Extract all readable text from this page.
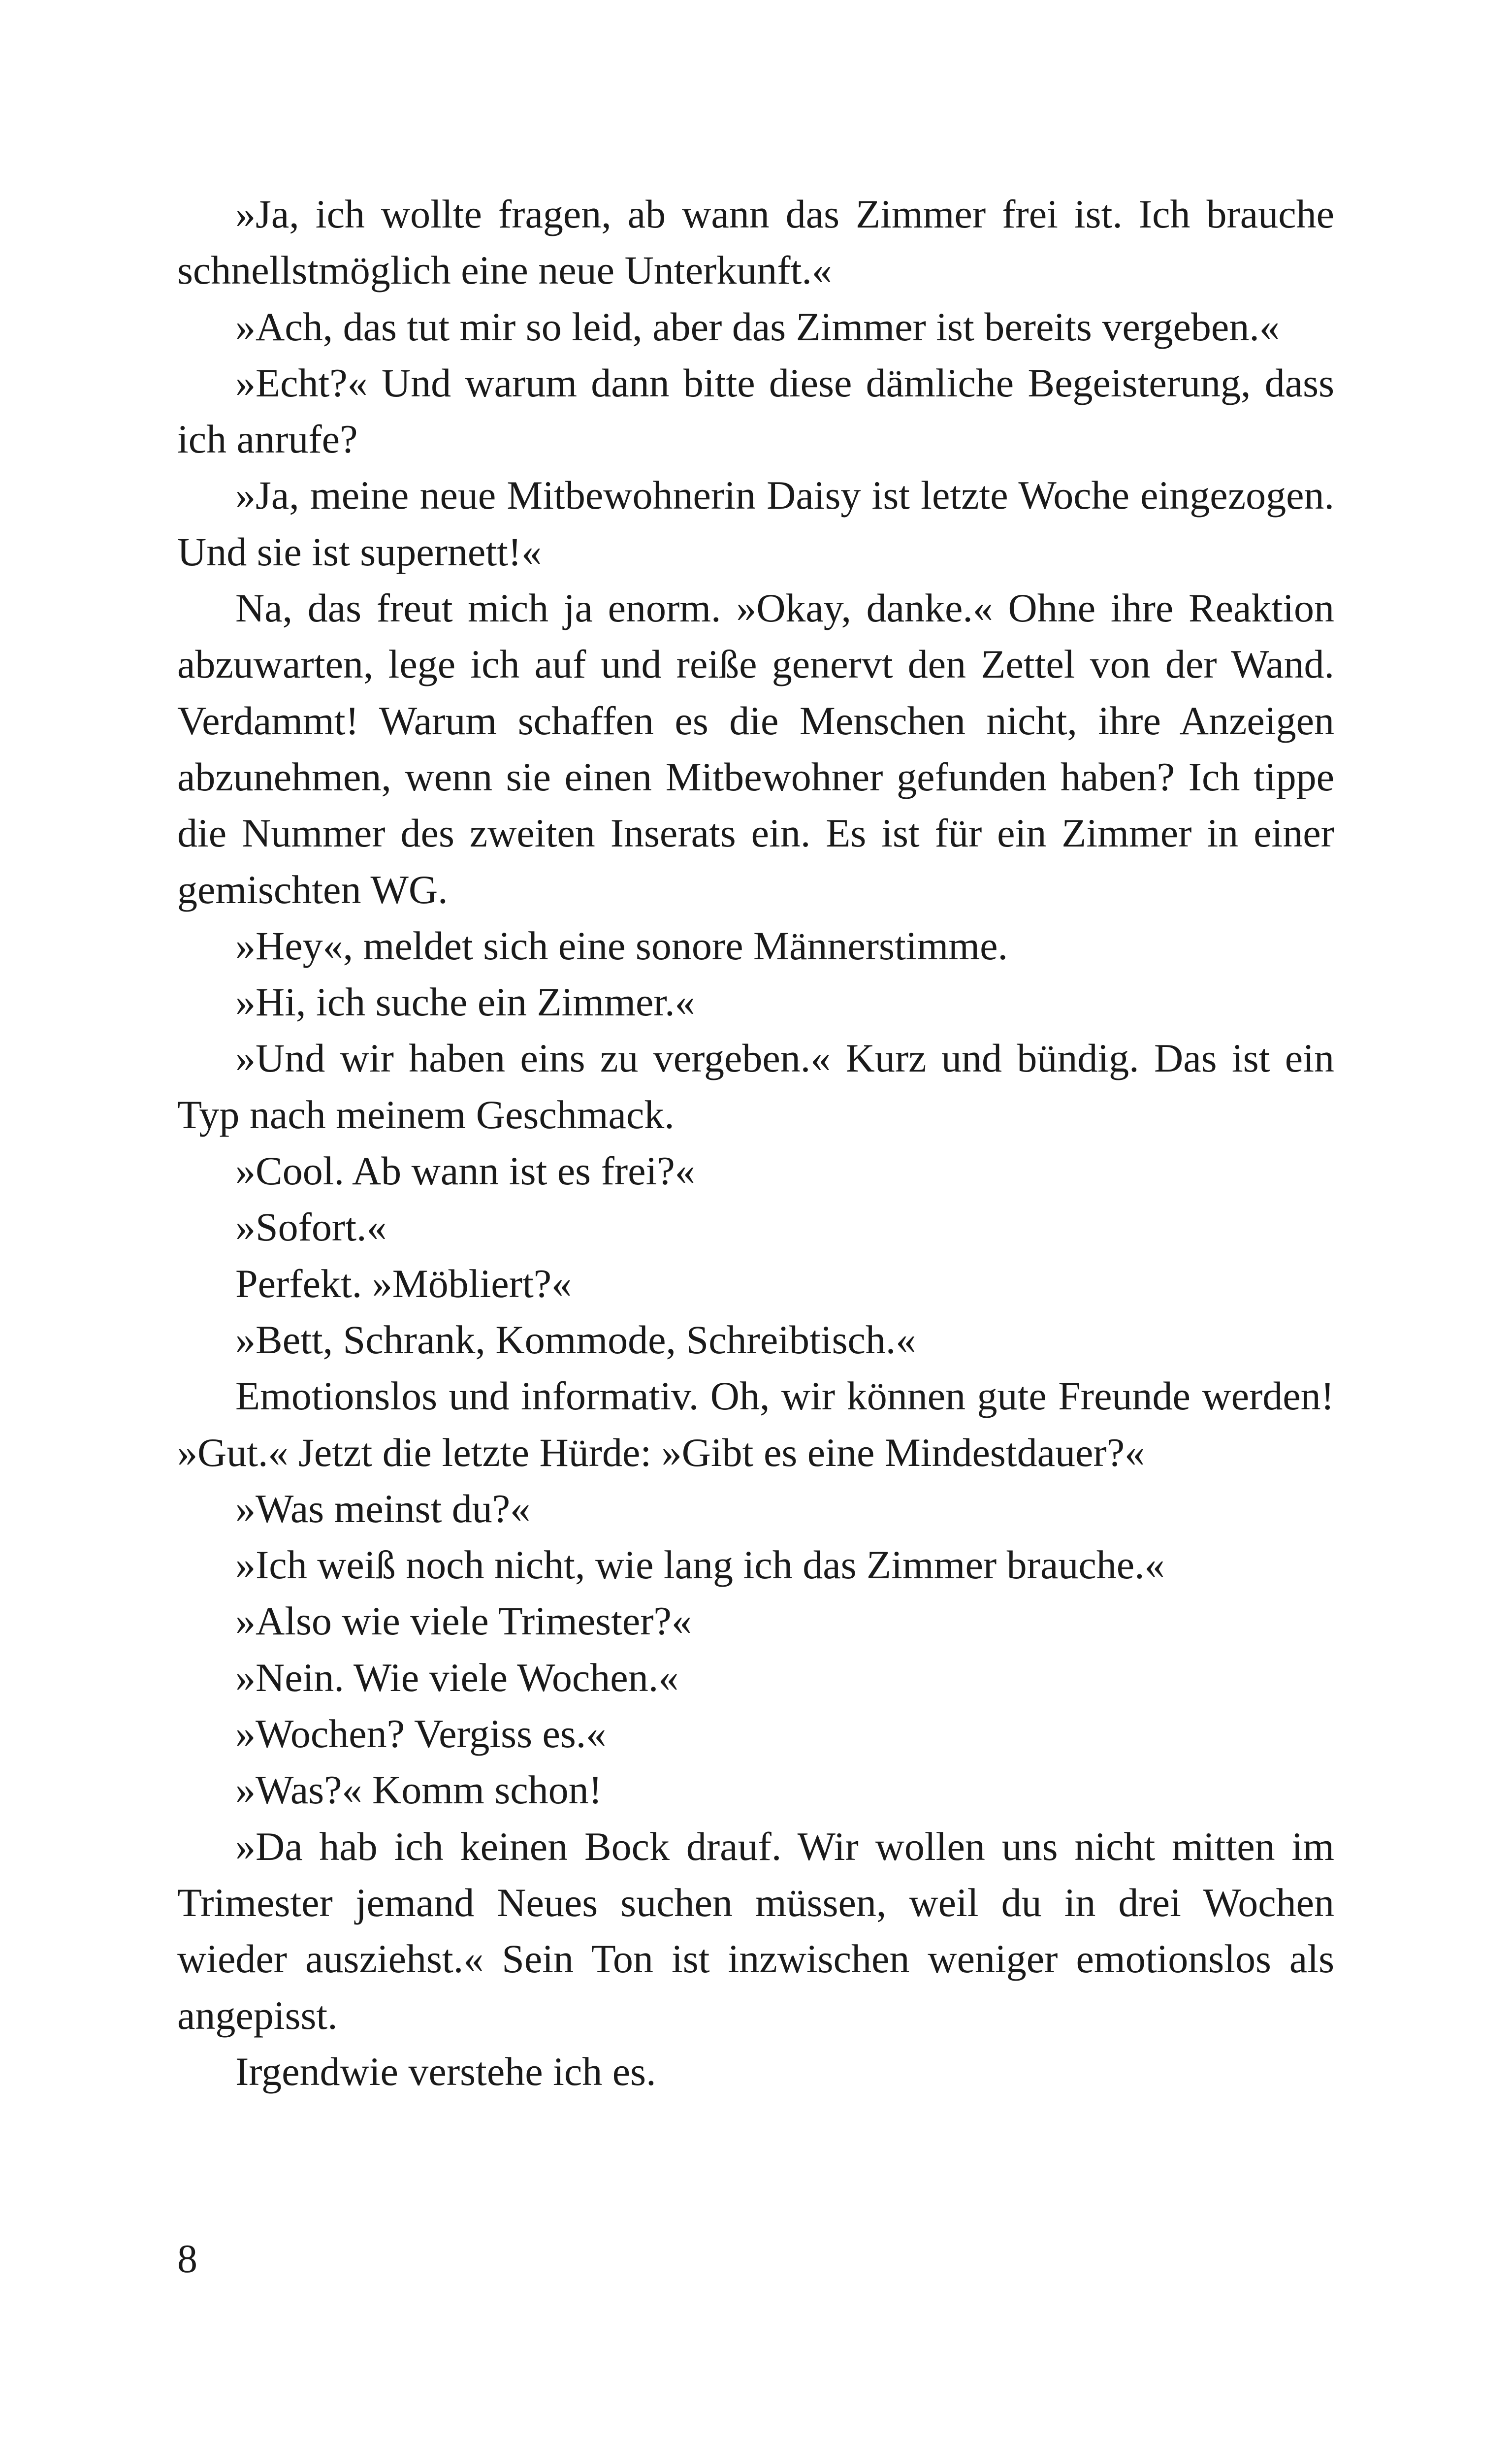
»Ja, ich wollte fragen, ab wann das Zimmer frei ist. Ich brauche schnellstmöglich eine neue Unterkunft.«

»Ach, das tut mir so leid, aber das Zimmer ist bereits vergeben.«

»Echt?« Und warum dann bitte diese dämliche Begeisterung, dass ich anrufe?

»Ja, meine neue Mitbewohnerin Daisy ist letzte Woche eingezogen. Und sie ist supernett!«

Na, das freut mich ja enorm. »Okay, danke.« Ohne ihre Reaktion abzuwarten, lege ich auf und reiße genervt den Zettel von der Wand. Verdammt! Warum schaffen es die Menschen nicht, ihre Anzeigen abzunehmen, wenn sie einen Mitbewohner gefunden haben? Ich tippe die Nummer des zweiten Inserats ein. Es ist für ein Zimmer in einer gemischten WG.

»Hey«, meldet sich eine sonore Männerstimme.

»Hi, ich suche ein Zimmer.«

»Und wir haben eins zu vergeben.« Kurz und bündig. Das ist ein Typ nach meinem Geschmack.

»Cool. Ab wann ist es frei?«

»Sofort.«

Perfekt. »Möbliert?«

»Bett, Schrank, Kommode, Schreibtisch.«

Emotionslos und informativ. Oh, wir können gute Freunde werden! »Gut.« Jetzt die letzte Hürde: »Gibt es eine Mindestdauer?«

»Was meinst du?«

»Ich weiß noch nicht, wie lang ich das Zimmer brauche.«

»Also wie viele Trimester?«

»Nein. Wie viele Wochen.«

»Wochen? Vergiss es.«

»Was?« Komm schon!

»Da hab ich keinen Bock drauf. Wir wollen uns nicht mitten im Trimester jemand Neues suchen müssen, weil du in drei Wochen wieder ausziehst.« Sein Ton ist inzwischen weniger emotionslos als angepisst.

Irgendwie verstehe ich es.

8
